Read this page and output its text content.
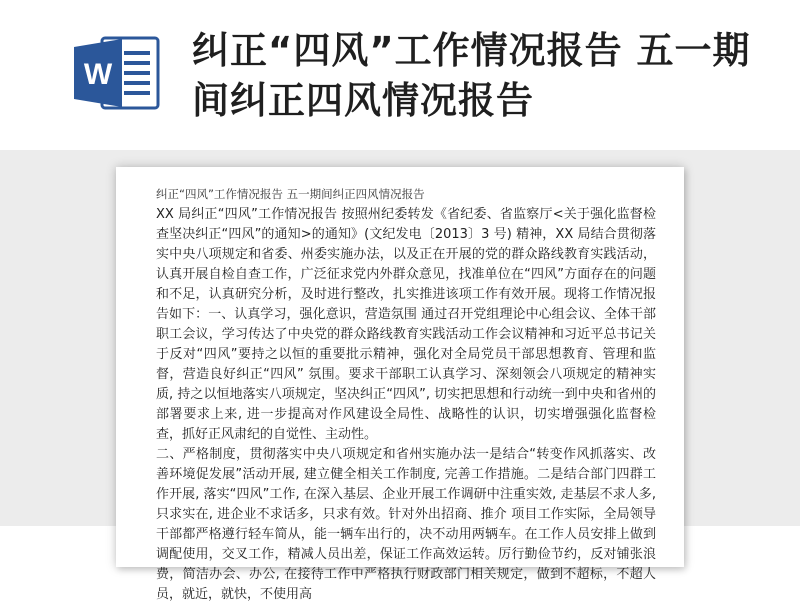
W
纠正“四风”工作情况报告 五一期间纠正四风情况报告
纠正“四风”工作情况报告 五一期间纠正四风情况报告

XX 局纠正“四风”工作情况报告 按照州纪委转发《省纪委、省监察厅<关于强化监督检查坚决纠正“四风”的通知>的通知》(文纪发电〔2013〕3 号) 精神，XX 局结合贯彻落实中央八项规定和省委、州委实施办法，以及正在开展的党的群众路线教育实践活动，认真开展自检自查工作，广泛征求党内外群众意见，找准单位在“四风”方面存在的问题和不足，认真研究分析，及时进行整改，扎实推进该项工作有效开展。现将工作情况报告如下：一、认真学习，强化意识，营造氛围 通过召开党组理论中心组会议、全体干部职工会议，学习传达了中央党的群众路线教育实践活动工作会议精神和习近平总书记关于反对“四风”要持之以恒的重要批示精神，强化对全局党员干部思想教育、管理和监督，营造良好纠正“四风” 氛围。要求干部职工认真学习、深刻领会八项规定的精神实质, 持之以恒地落实八项规定，坚决纠正“四风”, 切实把思想和行动统一到中央和省州的部署要求上来, 进一步提高对作风建设全局性、战略性的认识，切实增强强化监督检查，抓好正风肃纪的自觉性、主动性。

二、严格制度，贯彻落实中央八项规定和省州实施办法一是结合“转变作风抓落实、改善环境促发展”活动开展, 建立健全相关工作制度, 完善工作措施。二是结合部门四群工作开展, 落实“四风”工作, 在深入基层、企业开展工作调研中注重实效, 走基层不求人多, 只求实在, 进企业不求话多，只求有效。针对外出招商、推介 项目工作实际，全局领导干部都严格遵行轻车简从，能一辆车出行的，决不动用两辆车。在工作人员安排上做到调配使用，交叉工作，精减人员出差，保证工作高效运转。厉行勤俭节约，反对铺张浪费，简洁办会、办公, 在接待工作中严格执行财政部门相关规定，做到不超标，不超人员，就近，就快，不使用高
